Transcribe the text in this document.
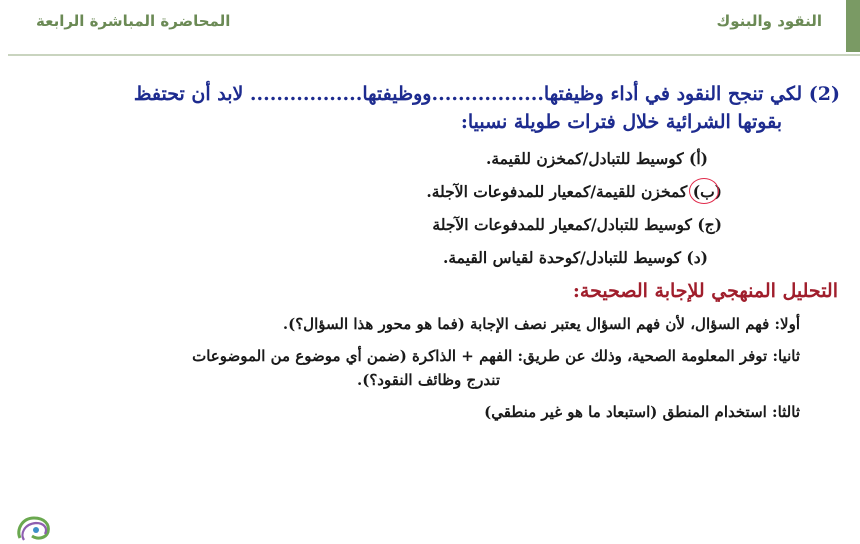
النقود والبنوك
المحاضرة المباشرة الرابعة
(2) لكي تنجح النقود في أداء وظيفتها.................ووظيفتها................. لابد أن تحتفظ
بقوتها الشرائية خلال فترات طويلة نسبيا:
(أ) كوسيط للتبادل/كمخزن للقيمة.
(ب) كمخزن للقيمة/كمعيار للمدفوعات الآجلة.
(ج) كوسيط للتبادل/كمعيار للمدفوعات الآجلة
(د) كوسيط للتبادل/كوحدة لقياس القيمة.
التحليل المنهجي للإجابة الصحيحة:
أولا: فهم السؤال، لأن فهم السؤال يعتبر نصف الإجابة (فما هو محور هذا السؤال؟).
ثانيا: توفر المعلومة الصحية، وذلك عن طريق: الفهم + الذاكرة (ضمن أي موضوع من الموضوعات
تندرج وظائف النقود؟).
ثالثا: استخدام المنطق (استبعاد ما هو غير منطقي)
